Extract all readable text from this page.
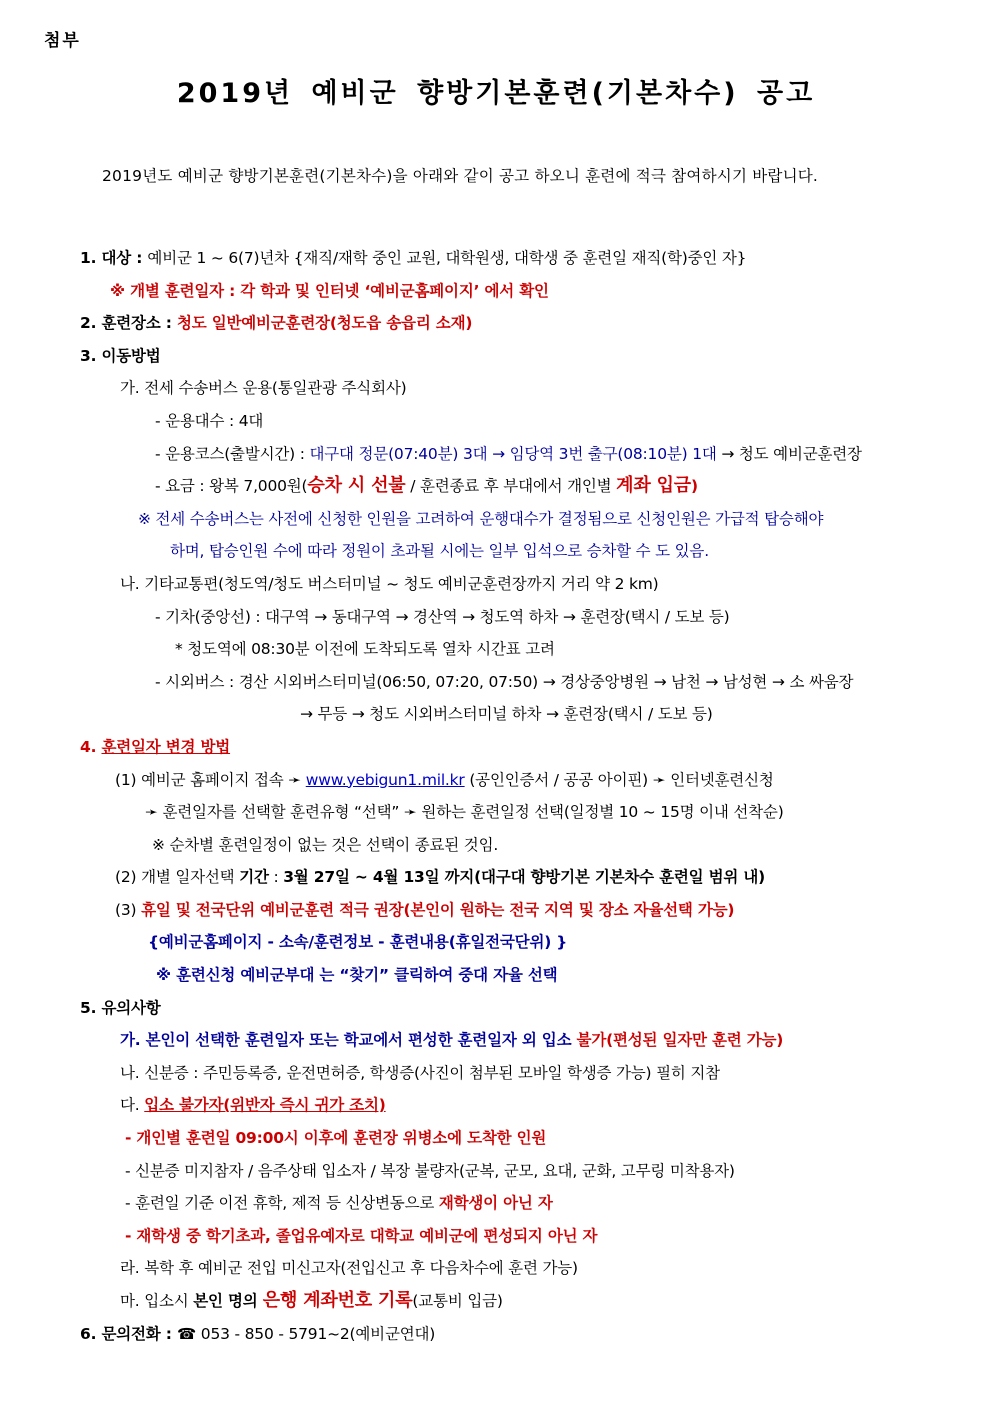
첨부
2019년 예비군 향방기본훈련(기본차수) 공고

2019년도 예비군 향방기본훈련(기본차수)을 아래와 같이 공고 하오니 훈련에 적극 참여하시기 바랍니다.

1. 대상 : 예비군 1 ~ 6(7)년차 {재직/재학 중인 교원, 대학원생, 대학생 중 훈련일 재직(학)중인 자}
※ 개별 훈련일자 : 각 학과 및 인터넷 ‘예비군홈페이지’ 에서 확인
2. 훈련장소 : 청도 일반예비군훈련장(청도읍 송읍리 소재)
3. 이동방법
가. 전세 수송버스 운용(통일관광 주식회사)
- 운용대수 : 4대
- 운용코스(출발시간) : 대구대 정문(07:40분) 3대 → 임당역 3번 출구(08:10분) 1대 → 청도 예비군훈련장
- 요금 : 왕복 7,000원(승차 시 선불 / 훈련종료 후 부대에서 개인별 계좌 입금)
※ 전세 수송버스는 사전에 신청한 인원을 고려하여 운행대수가 결정됨으로 신청인원은 가급적 탑승해야
하며, 탑승인원 수에 따라 정원이 초과될 시에는 일부 입석으로 승차할 수 도 있음.
나. 기타교통편(청도역/청도 버스터미널 ~ 청도 예비군훈련장까지 거리 약 2 km)
- 기차(중앙선) : 대구역 → 동대구역 → 경산역 → 청도역 하차 → 훈련장(택시 / 도보 등)
* 청도역에 08:30분 이전에 도착되도록 열차 시간표 고려
- 시외버스 : 경산 시외버스터미널(06:50, 07:20, 07:50) → 경상중앙병원 → 남천 → 남성현 → 소 싸움장
→ 무등 → 청도 시외버스터미널 하차 → 훈련장(택시 / 도보 등)
4. 훈련일자 변경 방법
(1) 예비군 홈페이지 접속 ➛ www.yebigun1.mil.kr (공인인증서 / 공공 아이핀) ➛ 인터넷훈련신청
➛ 훈련일자를 선택할 훈련유형 “선택” ➛ 원하는 훈련일정 선택(일정별 10 ~ 15명 이내 선착순)
※ 순차별 훈련일정이 없는 것은 선택이 종료된 것임.
(2) 개별 일자선택 기간 : 3월 27일 ~ 4월 13일 까지(대구대 향방기본 기본차수 훈련일 범위 내)
(3) 휴일 및 전국단위 예비군훈련 적극 권장(본인이 원하는 전국 지역 및 장소 자율선택 가능)
{예비군홈페이지 - 소속/훈련정보 - 훈련내용(휴일전국단위) }
※ 훈련신청 예비군부대 는 “찾기” 클릭하여 중대 자율 선택
5. 유의사항
가. 본인이 선택한 훈련일자 또는 학교에서 편성한 훈련일자 외 입소 불가(편성된 일자만 훈련 가능)
나. 신분증 : 주민등록증, 운전면허증, 학생증(사진이 첨부된 모바일 학생증 가능) 필히 지참
다. 입소 불가자(위반자 즉시 귀가 조치)
- 개인별 훈련일 09:00시 이후에 훈련장 위병소에 도착한 인원
- 신분증 미지참자 / 음주상태 입소자 / 복장 불량자(군복, 군모, 요대, 군화, 고무링 미착용자)
- 훈련일 기준 이전 휴학, 제적 등 신상변동으로 재학생이 아닌 자
- 재학생 중 학기초과, 졸업유예자로 대학교 예비군에 편성되지 아닌 자
라. 복학 후 예비군 전입 미신고자(전입신고 후 다음차수에 훈련 가능)
마. 입소시 본인 명의 은행 계좌번호 기록(교통비 입금)
6. 문의전화 : ☎ 053 - 850 - 5791~2(예비군연대)
